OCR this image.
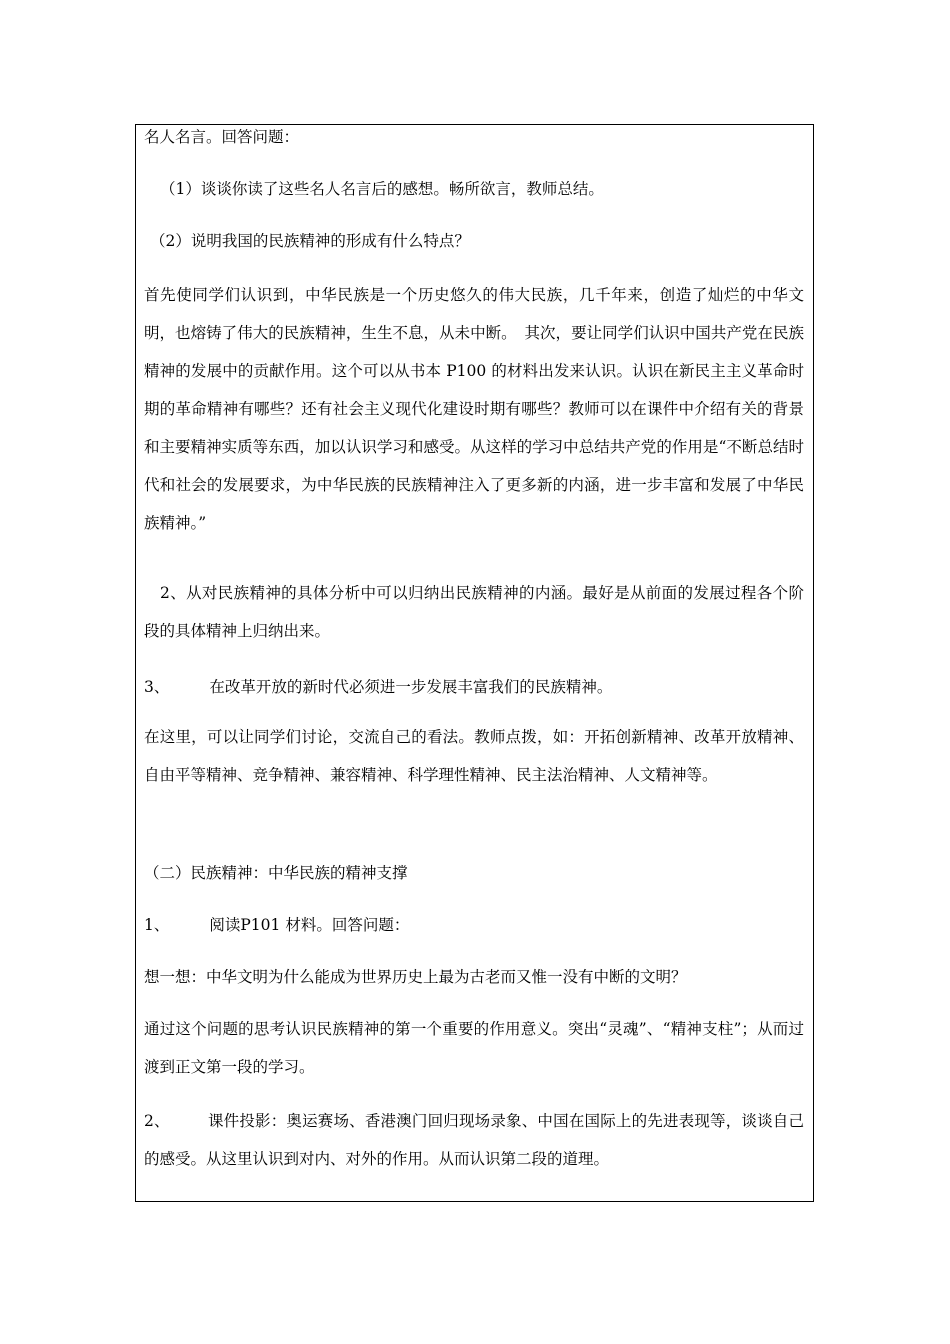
名人名言。回答问题：

（1）谈谈你读了这些名人名言后的感想。畅所欲言，教师总结。

（2）说明我国的民族精神的形成有什么特点？

首先使同学们认识到，中华民族是一个历史悠久的伟大民族，几千年来，创造了灿烂的中华文明，也熔铸了伟大的民族精神，生生不息，从未中断。　其次，要让同学们认识中国共产党在民族精神的发展中的贡献作用。这个可以从书本 P100 的材料出发来认识。认识在新民主主义革命时期的革命精神有哪些？还有社会主义现代化建设时期有哪些？教师可以在课件中介绍有关的背景和主要精神实质等东西，加以认识学习和感受。从这样的学习中总结共产党的作用是“不断总结时代和社会的发展要求，为中华民族的民族精神注入了更多新的内涵，进一步丰富和发展了中华民族精神。”

2、从对民族精神的具体分析中可以归纳出民族精神的内涵。最好是从前面的发展过程各个阶段的具体精神上归纳出来。

3、	在改革开放的新时代必须进一步发展丰富我们的民族精神。

在这里，可以让同学们讨论，交流自己的看法。教师点拨，如：开拓创新精神、改革开放精神、自由平等精神、竞争精神、兼容精神、科学理性精神、民主法治精神、人文精神等。

（二）民族精神：中华民族的精神支撑

1、	阅读P101 材料。回答问题：

想一想：中华文明为什么能成为世界历史上最为古老而又惟一没有中断的文明？

通过这个问题的思考认识民族精神的第一个重要的作用意义。突出“灵魂”、“精神支柱”；从而过渡到正文第一段的学习。

2、 课件投影：奥运赛场、香港澳门回归现场录象、中国在国际上的先进表现等，谈谈自己的感受。从这里认识到对内、对外的作用。从而认识第二段的道理。
